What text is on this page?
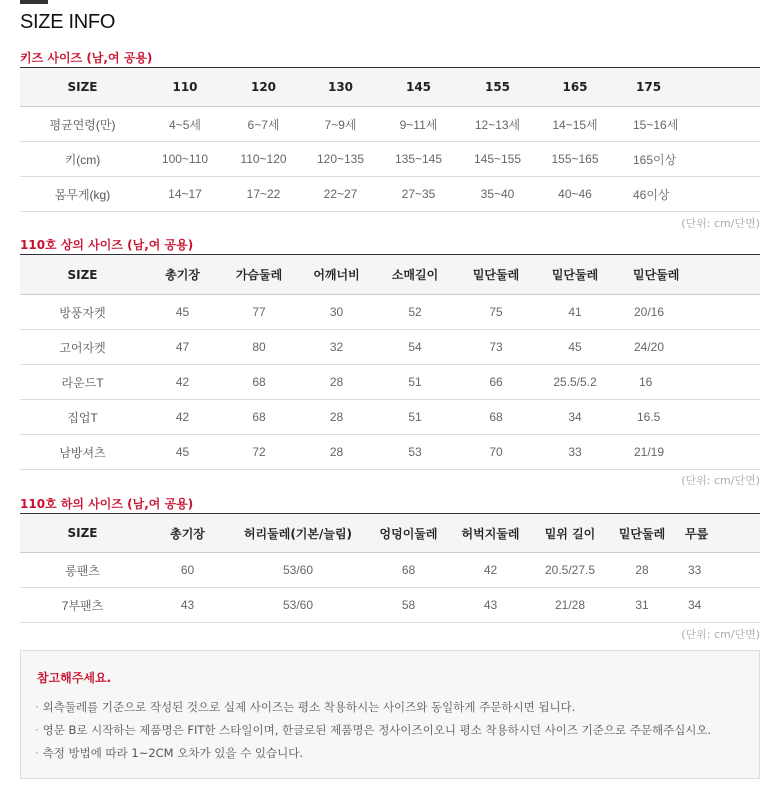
SIZE INFO
키즈 사이즈 (남,여 공용)
SIZE	110	120	130	145	155	165	175
평균연령(만)	4~5세	6~7세	7~9세	9~11세	12~13세	14~15세	15~16세
키(cm)	100~110	110~120	120~135	135~145	145~155	155~165	165이상
몸무게(kg)	14~17	17~22	22~27	27~35	35~40	40~46	46이상
(단위: cm/단면)
110호 상의 사이즈 (남,여 공용)
SIZE	총기장	가슴둘레	어깨너비	소매길이	밑단둘레	밑단둘레	밑단둘레
방풍자켓	45	77	30	52	75	41	20/16
고어자켓	47	80	32	54	73	45	24/20
라운드T	42	68	28	51	66	25.5/5.2	16
집업T	42	68	28	51	68	34	16.5
남방셔츠	45	72	28	53	70	33	21/19
(단위: cm/단면)
110호 하의 사이즈 (남,여 공용)
SIZE	총기장	허리둘레(기본/늘림)	엉덩이둘레	허벅지둘레	밑위 길이	밑단둘레	무릎
롱팬츠	60	53/60	68	42	20.5/27.5	28	33
7부팬츠	43	53/60	58	43	21/28	31	34
(단위: cm/단면)
참고해주세요.
· 외측둘레를 기준으로 작성된 것으로 실제 사이즈는 평소 착용하시는 사이즈와 동일하게 주문하시면 됩니다.
· 영문 B로 시작하는 제품명은 FIT한 스타일이며, 한글로된 제품명은 정사이즈이오니 평소 착용하시던 사이즈 기준으로 주문해주십시오.
· 측정 방법에 따라 1~2CM 오차가 있을 수 있습니다.
